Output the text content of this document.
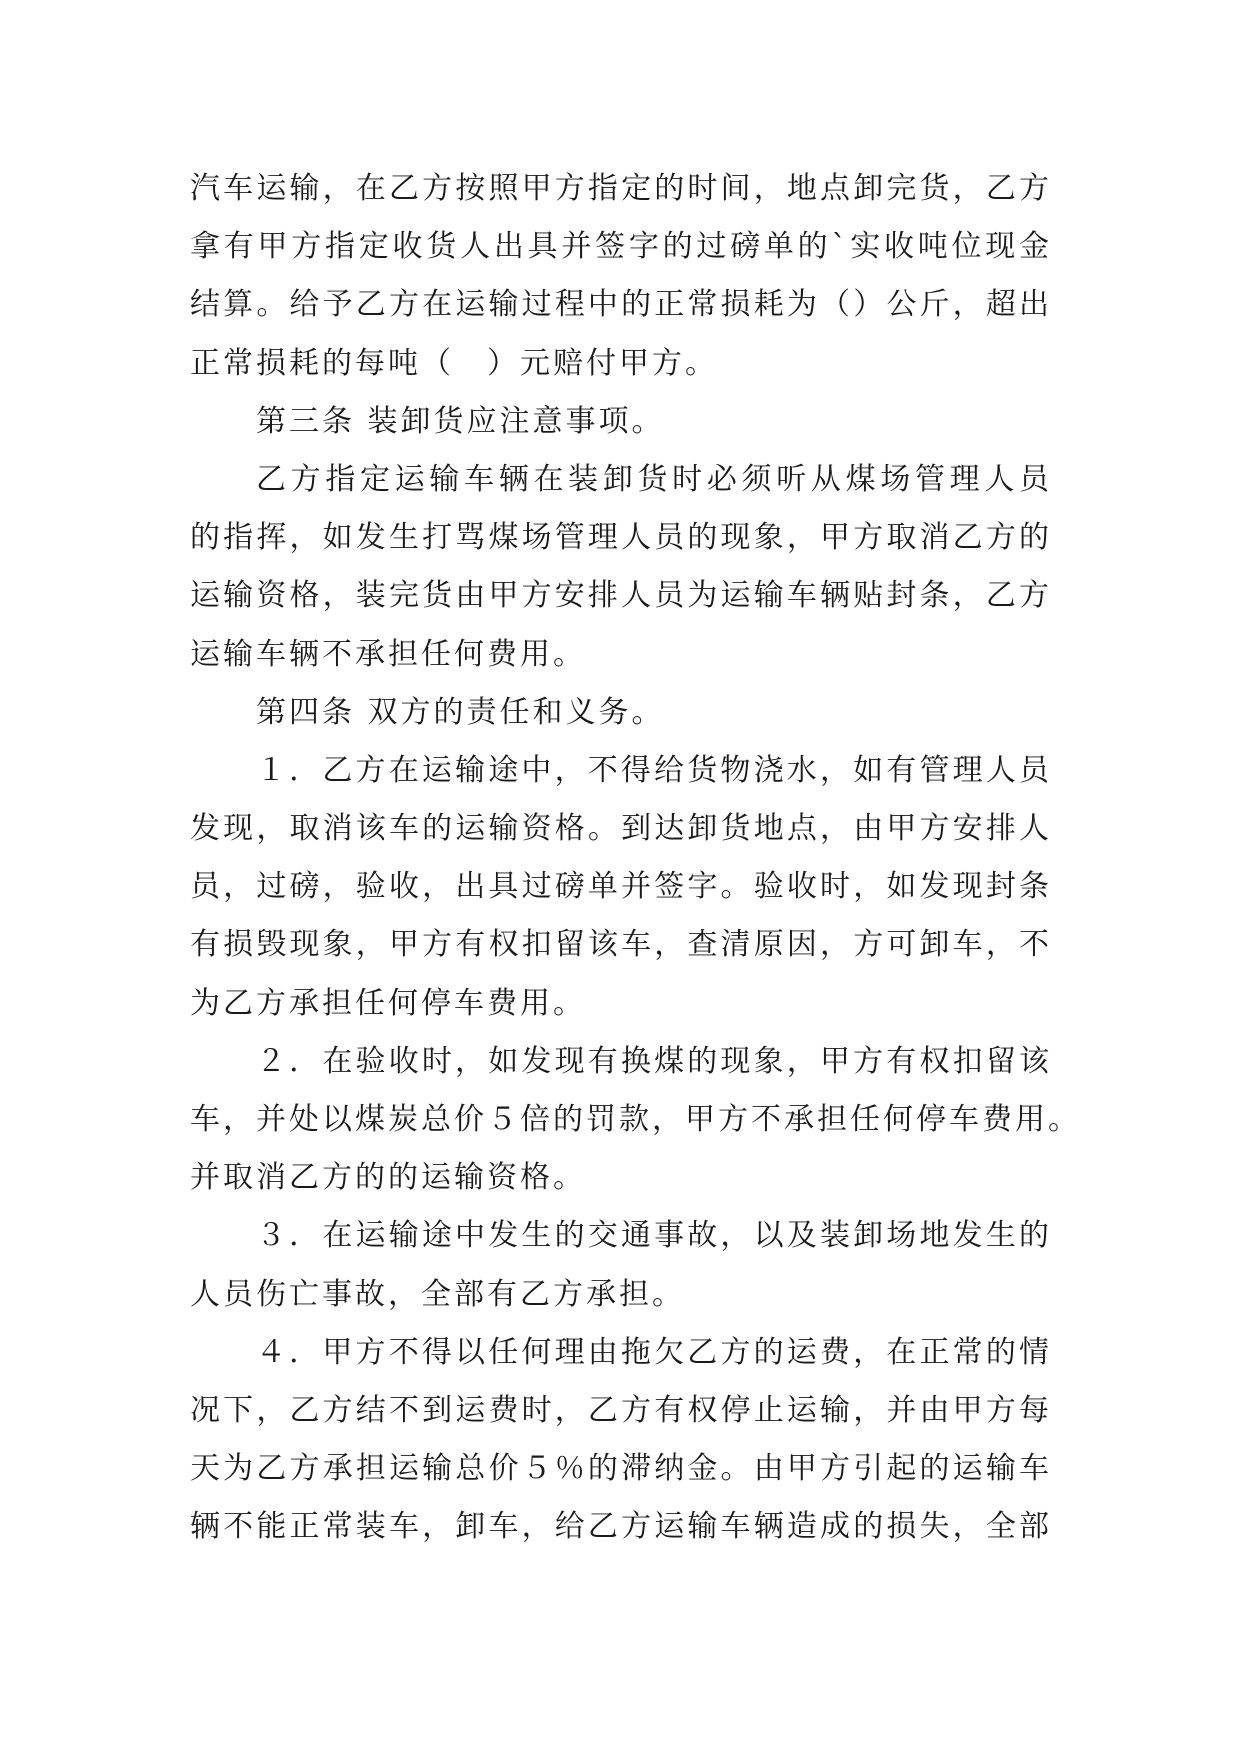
汽车运输，在乙方按照甲方指定的时间，地点卸完货，乙方
拿有甲方指定收货人出具并签字的过磅单的`实收吨位现金
结算。给予乙方在运输过程中的正常损耗为（）公斤，超出
正常损耗的每吨（　）元赔付甲方。
第三条 装卸货应注意事项。
乙方指定运输车辆在装卸货时必须听从煤场管理人员
的指挥，如发生打骂煤场管理人员的现象，甲方取消乙方的
运输资格，装完货由甲方安排人员为运输车辆贴封条，乙方
运输车辆不承担任何费用。
第四条 双方的责任和义务。
１．乙方在运输途中，不得给货物浇水，如有管理人员
发现，取消该车的运输资格。到达卸货地点，由甲方安排人
员，过磅，验收，出具过磅单并签字。验收时，如发现封条
有损毁现象，甲方有权扣留该车，查清原因，方可卸车，不
为乙方承担任何停车费用。
２．在验收时，如发现有换煤的现象，甲方有权扣留该
车，并处以煤炭总价５倍的罚款，甲方不承担任何停车费用。
并取消乙方的的运输资格。
３．在运输途中发生的交通事故，以及装卸场地发生的
人员伤亡事故，全部有乙方承担。
４．甲方不得以任何理由拖欠乙方的运费，在正常的情
况下，乙方结不到运费时，乙方有权停止运输，并由甲方每
天为乙方承担运输总价５％的滞纳金。由甲方引起的运输车
辆不能正常装车，卸车，给乙方运输车辆造成的损失，全部
